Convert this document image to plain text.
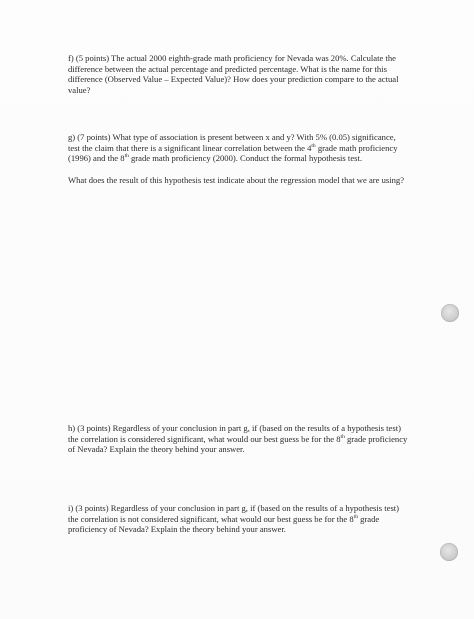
f) (5 points) The actual 2000 eighth-grade math proficiency for Nevada was 20%. Calculate the difference between the actual percentage and predicted percentage. What is the name for this difference (Observed Value – Expected Value)? How does your prediction compare to the actual value?

g) (7 points) What type of association is present between x and y? With 5% (0.05) significance, test the claim that there is a significant linear correlation between the 4th grade math proficiency (1996) and the 8th grade math proficiency (2000). Conduct the formal hypothesis test.

What does the result of this hypothesis test indicate about the regression model that we are using?

h) (3 points) Regardless of your conclusion in part g, if (based on the results of a hypothesis test) the correlation is considered significant, what would our best guess be for the 8th grade proficiency of Nevada? Explain the theory behind your answer.

i) (3 points) Regardless of your conclusion in part g, if (based on the results of a hypothesis test) the correlation is not considered significant, what would our best guess be for the 8th grade proficiency of Nevada? Explain the theory behind your answer.
